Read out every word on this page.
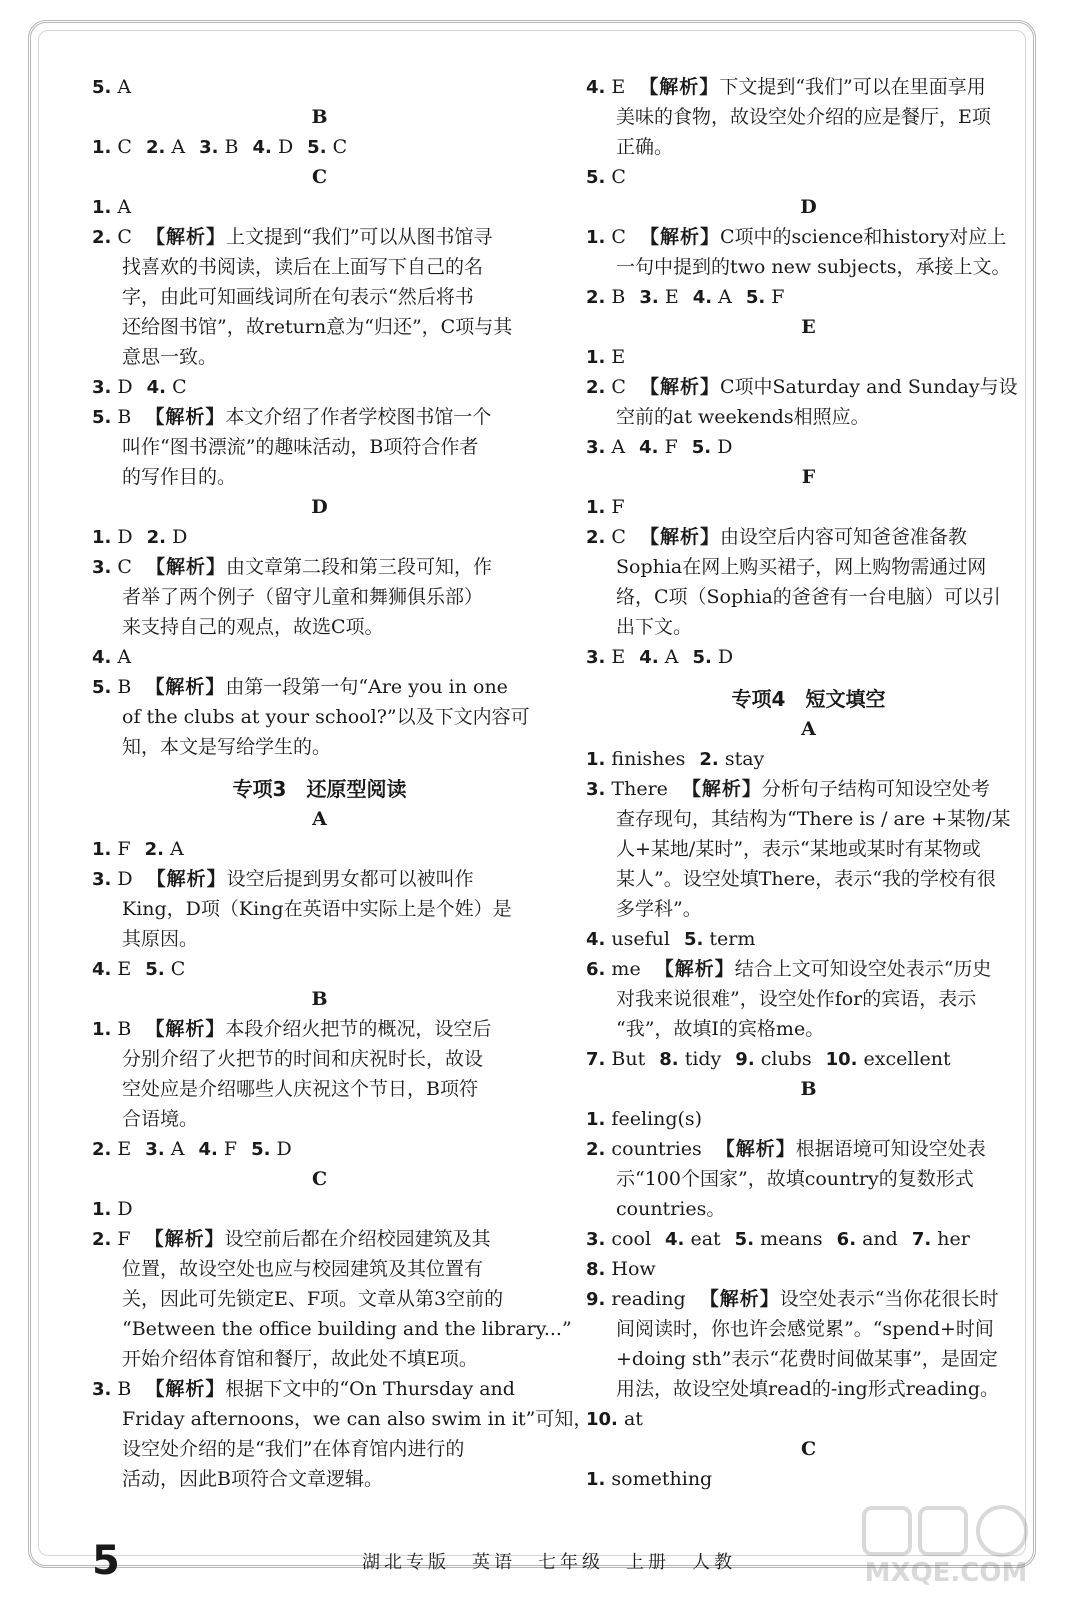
5. A
B
1. C 2. A 3. B 4. D 5. C
C
1. A
2. C 【解析】上文提到“我们”可以从图书馆寻
找喜欢的书阅读，读后在上面写下自己的名
字，由此可知画线词所在句表示“然后将书
还给图书馆”，故return意为“归还”，C项与其
意思一致。
3. D 4. C
5. B 【解析】本文介绍了作者学校图书馆一个
叫作“图书漂流”的趣味活动，B项符合作者
的写作目的。
D
1. D 2. D
3. C 【解析】由文章第二段和第三段可知，作
者举了两个例子（留守儿童和舞狮俱乐部）
来支持自己的观点，故选C项。
4. A
5. B 【解析】由第一段第一句“Are you in one
of the clubs at your school?”以及下文内容可
知，本文是写给学生的。
专项3　还原型阅读
A
1. F 2. A
3. D 【解析】设空后提到男女都可以被叫作
King，D项（King在英语中实际上是个姓）是
其原因。
4. E 5. C
B
1. B 【解析】本段介绍火把节的概况，设空后
分别介绍了火把节的时间和庆祝时长，故设
空处应是介绍哪些人庆祝这个节日，B项符
合语境。
2. E 3. A 4. F 5. D
C
1. D
2. F 【解析】设空前后都在介绍校园建筑及其
位置，故设空处也应与校园建筑及其位置有
关，因此可先锁定E、F项。文章从第3空前的
“Between the office building and the library...”
开始介绍体育馆和餐厅，故此处不填E项。
3. B 【解析】根据下文中的“On Thursday and
Friday afternoons，we can also swim in it”可知，
设空处介绍的是“我们”在体育馆内进行的
活动，因此B项符合文章逻辑。
4. E 【解析】下文提到“我们”可以在里面享用
美味的食物，故设空处介绍的应是餐厅，E项
正确。
5. C
D
1. C 【解析】C项中的science和history对应上
一句中提到的two new subjects，承接上文。
2. B 3. E 4. A 5. F
E
1. E
2. C 【解析】C项中Saturday and Sunday与设
空前的at weekends相照应。
3. A 4. F 5. D
F
1. F
2. C 【解析】由设空后内容可知爸爸准备教
Sophia在网上购买裙子，网上购物需通过网
络，C项（Sophia的爸爸有一台电脑）可以引
出下文。
3. E 4. A 5. D
专项4　短文填空
A
1. finishes 2. stay
3. There 【解析】分析句子结构可知设空处考
查存现句，其结构为“There is / are +某物/某
人+某地/某时”，表示“某地或某时有某物或
某人”。设空处填There，表示“我的学校有很
多学科”。
4. useful 5. term
6. me 【解析】结合上文可知设空处表示“历史
对我来说很难”，设空处作for的宾语，表示
“我”，故填I的宾格me。
7. But 8. tidy 9. clubs 10. excellent
B
1. feeling(s)
2. countries 【解析】根据语境可知设空处表
示“100个国家”，故填country的复数形式
countries。
3. cool 4. eat 5. means 6. and 7. her
8. How
9. reading 【解析】设空处表示“当你花很长时
间阅读时，你也许会感觉累”。“spend+时间
+doing sth”表示“花费时间做某事”，是固定
用法，故设空处填read的-ing形式reading。
10. at
C
1. something
5	湖北专版　英语　七年级　上册　人教	MXQE.COM
